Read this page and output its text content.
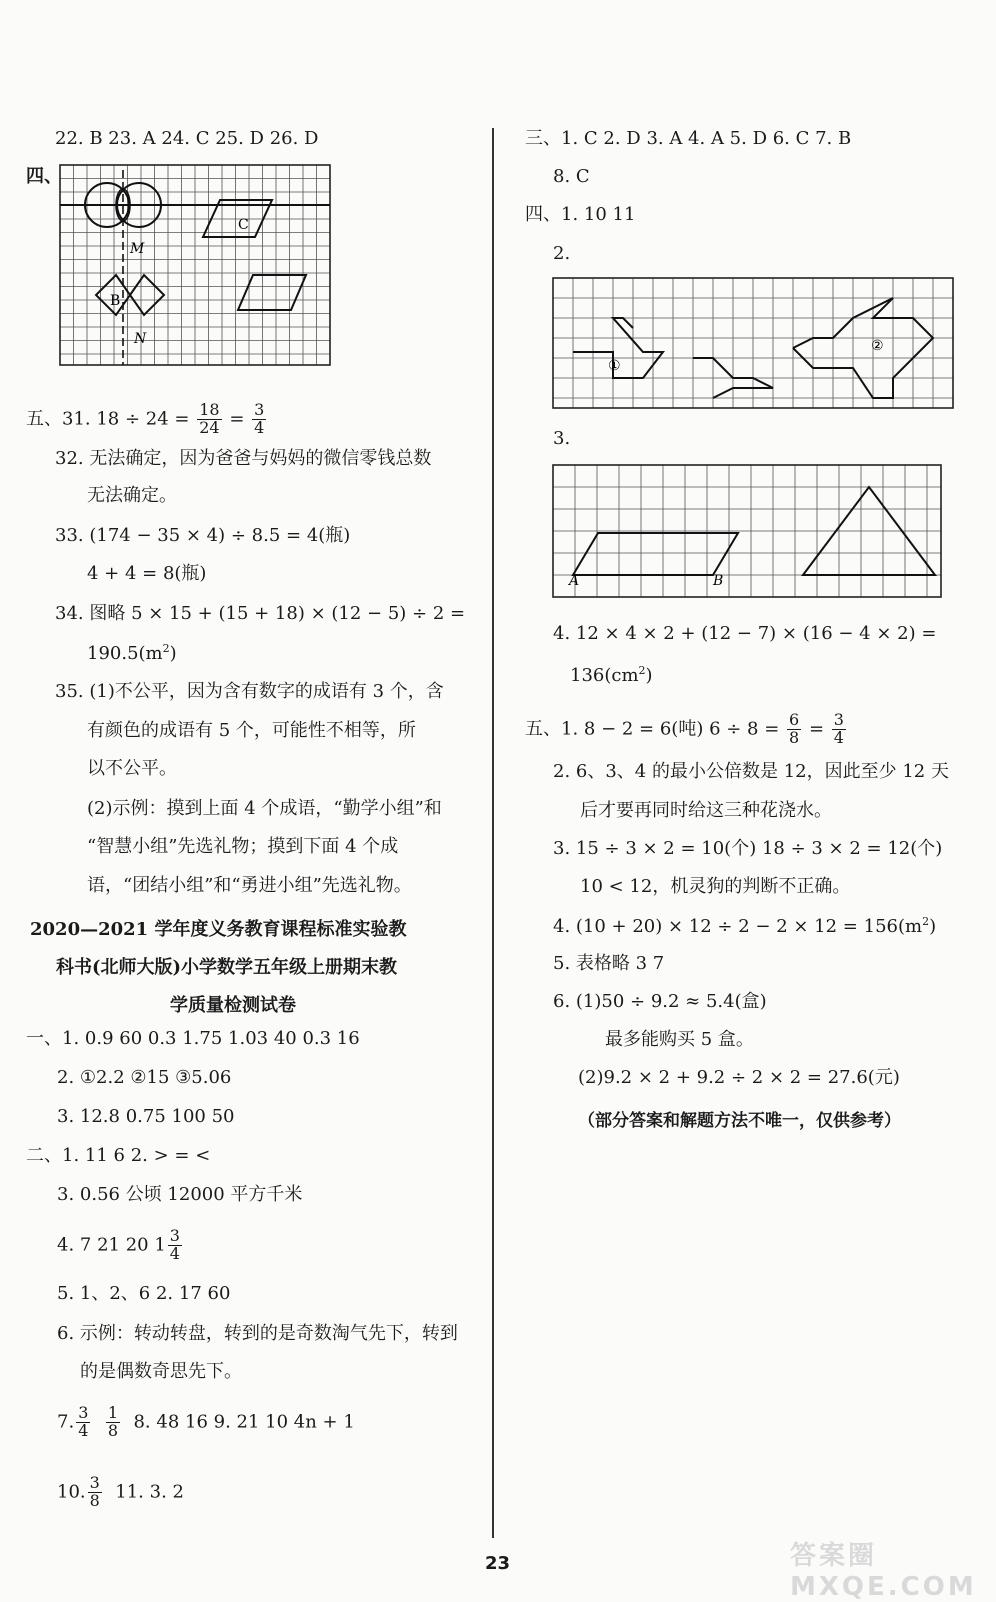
22. B 23. A 24. C 25. D 26. D
四、
C
M
B
N
五、31. $18 \div 24 = \frac{18}{24} = \frac{3}{4}$
32. 无法确定，因为爸爸与妈妈的微信零钱总数
无法确定。
33. (174 − 35 × 4) ÷ 8.5 = 4(瓶)
4 + 4 = 8(瓶)
34. 图略 5 × 15 + (15 + 18) × (12 − 5) ÷ 2 =
$190.5(m^2)$
35. (1)不公平，因为含有数字的成语有 3 个，含
有颜色的成语有 5 个，可能性不相等，所
以不公平。
(2)示例：摸到上面 4 个成语，“勤学小组”和
“智慧小组”先选礼物；摸到下面 4 个成
语，“团结小组”和“勇进小组”先选礼物。
2020—2021 学年度义务教育课程标准实验教
科书(北师大版)小学数学五年级上册期末教
学质量检测试卷
一、1. 0.9 60 0.3 1.75 1.03 40 0.3 16
2. ①2.2 ②15 ③5.06
3. 12.8 0.75 100 50
二、1. 11 6 2. > = <
3. 0.56 公顷 12000 平方千米
4. 7 21 20 $1 \frac{3}{4}$
5. 1、2、6 2. 17 60
6. 示例：转动转盘，转到的是奇数淘气先下，转到
的是偶数奇思先下。
7. $\frac{3}{4}$
$\frac{1}{8} 8$. 48 16 9. 21 10 4n + 1
10. $\frac{3}{8} 11$. 3. 2
三、1. C 2. D 3. A 4. A 5. D 6. C 7. B
8. C
四、1. 10 11
2.
①
②
3.
A	B
4. 12 × 4 × 2 + (12 − 7) × (16 − 4 × 2) =
$136(cm^2)$
五、1. 8 − 2 = 6(吨) $6 \div 8 = \frac{6}{8} = \frac{3}{4}$
2. 6、3、4 的最小公倍数是 12，因此至少 12 天
后才要再同时给这三种花浇水。
3. 15 ÷ 3 × 2 = 10(个) 18 ÷ 3 × 2 = 12(个)
10 < 12，机灵狗的判断不正确。
4. $(10 + 20) \times 12 \div 2 - 2 \times 12 = 156(m^2)$
5. 表格略 3 7
6. (1)50 ÷ 9.2 ≈ 5.4(盒)
最多能购买 5 盒。
(2)9.2 × 2 + 9.2 ÷ 2 × 2 = 27.6(元)
（部分答案和解题方法不唯一，仅供参考）
23	答案圈 MXQE.COM
